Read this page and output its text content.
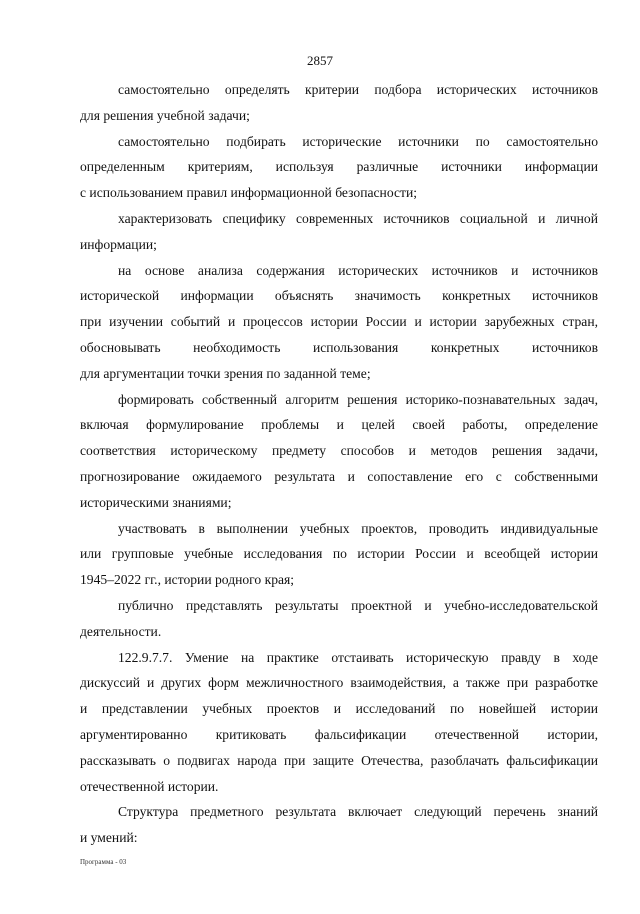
2857
самостоятельно определять критерии подбора исторических источников
для решения учебной задачи;
самостоятельно подбирать исторические источники по самостоятельно
определенным критериям, используя различные источники информации
с использованием правил информационной безопасности;
характеризовать специфику современных источников социальной и личной
информации;
на основе анализа содержания исторических источников и источников
исторической информации объяснять значимость конкретных источников
при изучении событий и процессов истории России и истории зарубежных стран,
обосновывать необходимость использования конкретных источников
для аргументации точки зрения по заданной теме;
формировать собственный алгоритм решения историко-познавательных задач,
включая формулирование проблемы и целей своей работы, определение
соответствия историческому предмету способов и методов решения задачи,
прогнозирование ожидаемого результата и сопоставление его с собственными
историческими знаниями;
участвовать в выполнении учебных проектов, проводить индивидуальные
или групповые учебные исследования по истории России и всеобщей истории
1945–2022 гг., истории родного края;
публично представлять результаты проектной и учебно-исследовательской
деятельности.
122.9.7.7. Умение на практике отстаивать историческую правду в ходе
дискуссий и других форм межличностного взаимодействия, а также при разработке
и представлении учебных проектов и исследований по новейшей истории
аргументированно критиковать фальсификации отечественной истории,
рассказывать о подвигах народа при защите Отечества, разоблачать фальсификации
отечественной истории.
Структура предметного результата включает следующий перечень знаний
и умений:
Программа - 03
